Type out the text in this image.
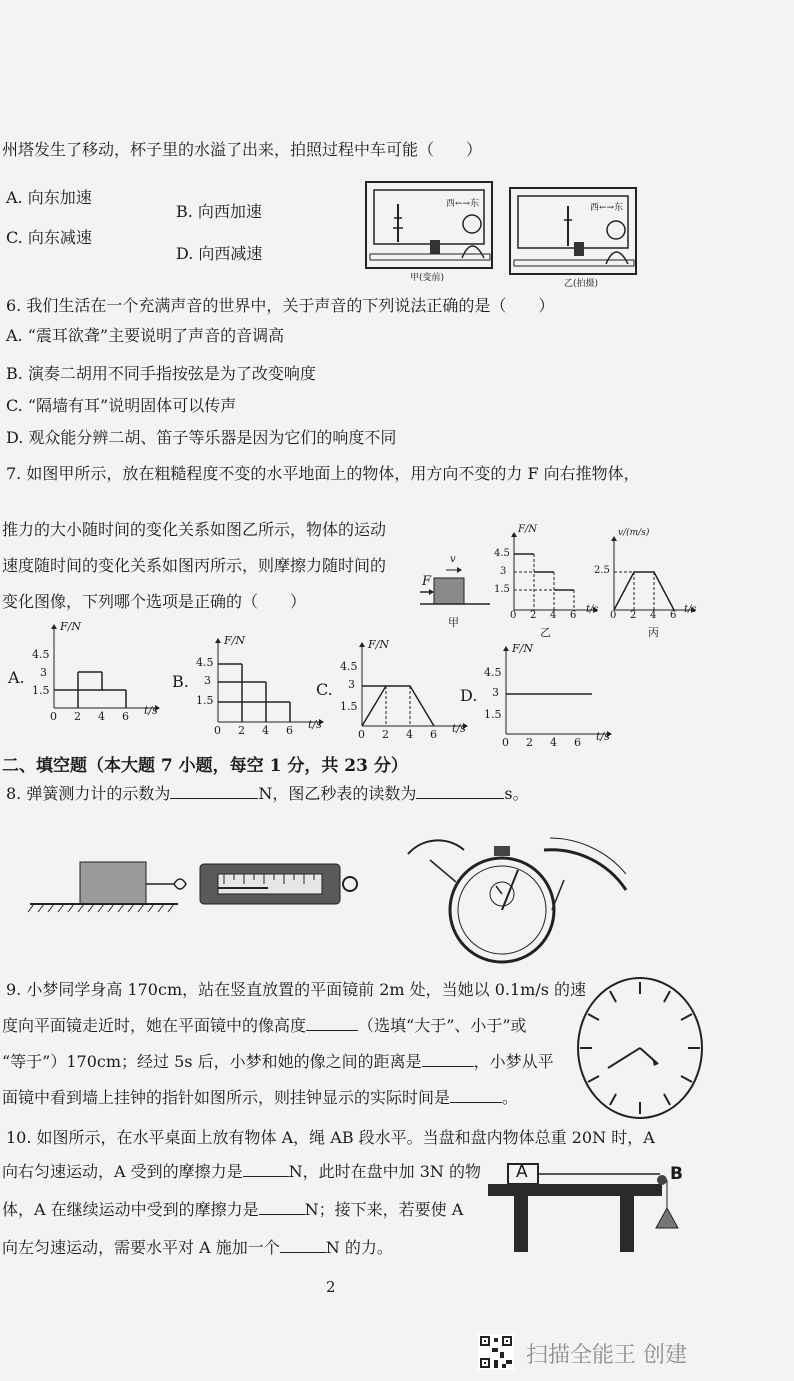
州塔发生了移动，杯子里的水溢了出来，拍照过程中车可能（　　）
A. 向东加速
B. 向西加速
C. 向东减速
D. 向西减速
西←→东
甲(变前)
西←→东
乙(拍摄)
6. 我们生活在一个充满声音的世界中，关于声音的下列说法正确的是（　　）
A. “震耳欲聋”主要说明了声音的音调高
B. 演奏二胡用不同手指按弦是为了改变响度
C. “隔墙有耳”说明固体可以传声
D. 观众能分辨二胡、笛子等乐器是因为它们的响度不同
7. 如图甲所示，放在粗糙程度不变的水平地面上的物体，用方向不变的力 F 向右推物体，
推力的大小随时间的变化关系如图乙所示，物体的运动
速度随时间的变化关系如图丙所示，则摩擦力随时间的
变化图像，下列哪个选项是正确的（　　）
F
v
甲
F/N
4.5
3
1.5
0 2 4 6
t/s
乙
v/(m/s)
2.5
0 2 4 6
t/s
丙
A.
F/N
4.5
3
1.5
0 2 4 6 t/s
B.
F/N
4.5
3
1.5
0 2 4 6 t/s
C.
F/N
4.5
3
1.5
0 2 4 6 t/s
D.
F/N
4.5
3
1.5
0 2 4 6 t/s
二、填空题（本大题 7 小题，每空 1 分，共 23 分）
8. 弹簧测力计的示数为	N，图乙秒表的读数为	s。
9. 小梦同学身高 170cm，站在竖直放置的平面镜前 2m 处，当她以 0.1m/s 的速
度向平面镜走近时，她在平面镜中的像高度	（选填“大于”、小于”或
“等于”）170cm；经过 5s 后，小梦和她的像之间的距离是	，小梦从平
面镜中看到墙上挂钟的指针如图所示，则挂钟显示的实际时间是	。
10. 如图所示，在水平桌面上放有物体 A，绳 AB 段水平。当盘和盘内物体总重 20N 时，A
向右匀速运动，A 受到的摩擦力是	N，此时在盘中加 3N 的物
体，A 在继续运动中受到的摩擦力是	N；接下来，若要使 A
向左匀速运动，需要水平对 A 施加一个	N 的力。
A	B
2
扫描全能王 创建
